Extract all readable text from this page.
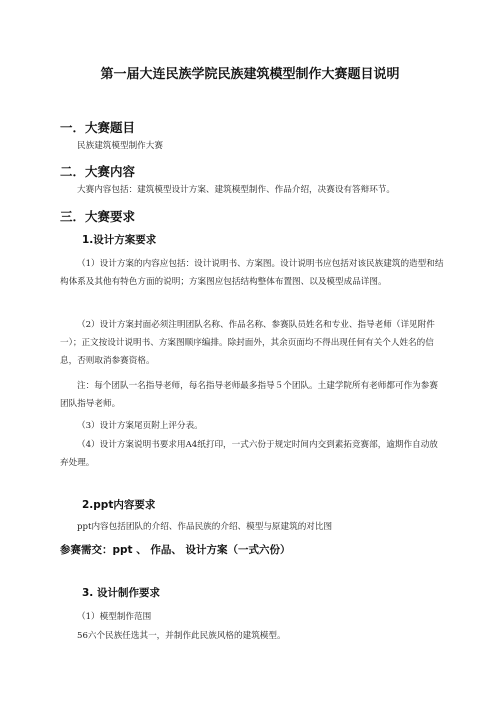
第一届大连民族学院民族建筑模型制作大赛题目说明
一．大赛题目
民族建筑模型制作大赛
二．大赛内容
大赛内容包括：建筑模型设计方案、建筑模型制作、作品介绍，决赛设有答辩环节。
三．大赛要求
1.设计方案要求
（1）设计方案的内容应包括：设计说明书、方案图。设计说明书应包括对该民族建筑的造型和结构体系及其他有特色方面的说明；方案图应包括结构整体布置图、以及模型成品详图。
（2）设计方案封面必须注明团队名称、作品名称、参赛队员姓名和专业、指导老师（详见附件一）；正文按设计说明书、方案图顺序编排。除封面外，其余页面均不得出现任何有关个人姓名的信息，否则取消参赛资格。
注：每个团队一名指导老师，每名指导老师最多指导５个团队。土建学院所有老师都可作为参赛团队指导老师。
（3）设计方案尾页附上评分表。
（4）设计方案说明书要求用A4纸打印，一式六份于规定时间内交到素拓竞赛部，逾期作自动放弃处理。
2.ppt内容要求
ppt内容包括团队的介绍、作品民族的介绍、模型与原建筑的对比图
参赛需交：ppt 、 作品、 设计方案（一式六份）
3. 设计制作要求
（1）模型制作范围
56六个民族任选其一，并制作此民族风格的建筑模型。
